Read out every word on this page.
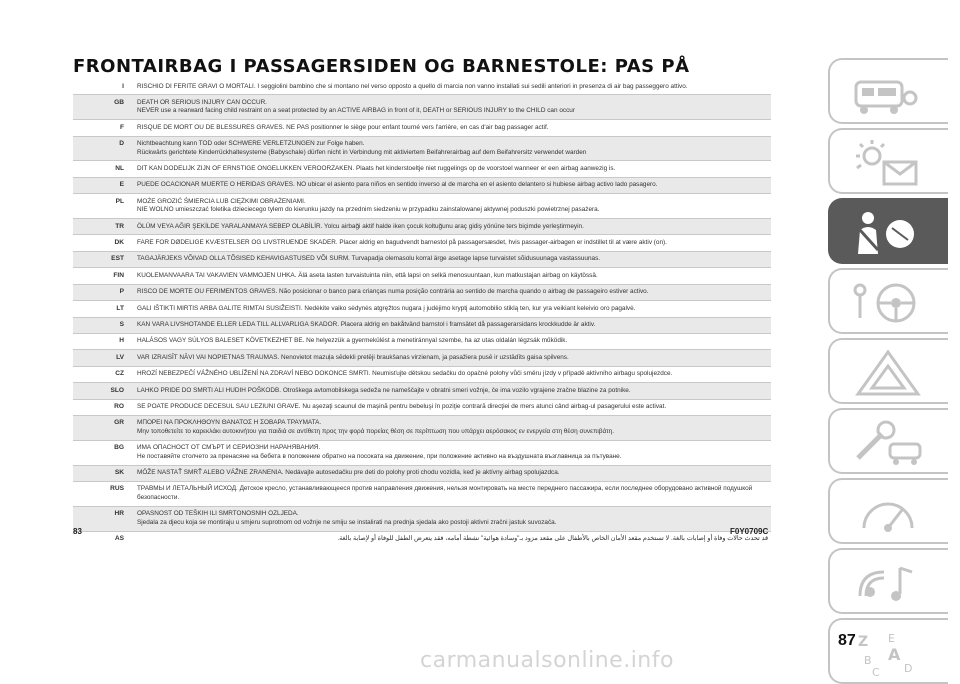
FRONTAIRBAG I PASSAGERSIDEN OG BARNESTOLE: PAS PÅ
I	RISCHIO DI FERITE GRAVI O MORTALI. I seggiolini bambino che si montano nel verso opposto a quello di marcia non vanno installati sui sedili anteriori in presenza di air bag passeggero attivo.
GB	DEATH OR SERIOUS INJURY CAN OCCUR.
NEVER use a rearward facing child restraint on a seat protected by an ACTIVE AIRBAG in front of it, DEATH or SERIOUS INJURY to the CHILD can occur
F	RISQUE DE MORT OU DE BLESSURES GRAVES. NE PAS positionner le siège pour enfant tourné vers l'arrière, en cas d'air bag passager actif.
D	Nichtbeachtung kann TOD oder SCHWERE VERLETZUNGEN zur Folge haben.
Rückwärts gerichtete Kinderrückhaltesysteme (Babyschale) dürfen nicht in Verbindung mit aktiviertem Beifahrerairbag auf dem Beifahrersitz verwendet warden
NL	DIT KAN DODELIJK ZIJN OF ERNSTIGE ONGELUKKEN VEROORZAKEN. Plaats het kinderstoeltje niet ruggelings op de voorstoel wanneer er een airbag aanwezig is.
E	PUEDE OCACIONAR MUERTE O HERIDAS GRAVES. NO ubicar el asiento para niños en sentido inverso al de marcha en el asiento delantero si hubiese airbag activo lado pasagero.
PL	MOŻE GROZIĆ ŚMIERCIA LUB CIĘŻKIMI OBRAŻENIAMI.
NIE WOLNO umieszczać foletika dzieciecego tylem do kierunku jazdy na przednim siedzeniu w przypadku zainstalowanej aktywnej poduszki powietrznej pasażera.
TR	ÖLÜM VEYA AĞIR ŞEKİLDE YARALANMAYA SEBEP OLABİLİR. Yolcu airbaği aktif halde iken çocuk koltuğunu araç gidiş yönüne ters biçimde yerleştirmeyin.
DK	FARE FOR DØDELIGE KVÆSTELSER OG LIVSTRUENDE SKADER. Placer aldrig en bagudvendt barnestol på passagersæsdet, hvis passager-airbagen er indstillet til at være aktiv (on).
EST	TAGAJÄRJEKS VÕIVAD OLLA TÕSISED KEHAVIGASTUSED VÕI SURM. Turvapadja olemasolu korral ärge asetage lapse turvaistet sõidusuunaga vastassuunas.
FIN	KUOLEMANVAARA TAI VAKAVIEN VAMMOJEN UHKA. Älä aseta lasten turvaistuinta niin, että lapsi on selkä menosuuntaan, kun matkustajan airbag on käytössä.
P	RISCO DE MORTE OU FERIMENTOS GRAVES. Não posicionar o banco para crianças numa posição contrária ao sentido de marcha quando o airbag de passageiro estiver activo.
LT	GALI IŠTIKTI MIRTIS ARBA GALITE RIMTAI SUSIŽEISTI. Nedėkite vaiko sėdynės atgręžtos nugara į judėjimo kryptį automobilio stiklą ten, kur yra veikiant keleivio oro pagalvė.
S	KAN VARA LIVSHOTANDE ELLER LEDA TILL ALLVARLIGA SKADOR. Placera aldrig en bakåtvänd barnstol i framsätet då passagerarsidans krockkudde är aktiv.
H	HALÁSOS VAGY SÚLYOS BALESET KÖVETKEZHET BE. Ne helyezzük a gyermekülést a menetiránnyal szembe, ha az utas oldalán légzsák működik.
LV	VAR IZRAISĪT NĀVI VAI NOPIETNAS TRAUMAS. Nenovietot mazuļa sēdekli pretēji braukšanas virzienam, ja pasažiera pusē ir uzstādīts gaisa spilvens.
CZ	HROZÍ NEBEZPEČÍ VÁŽNÉHO UBLÍŽENÍ NA ZDRAVÍ NEBO DOKONCE SMRTI. Neumisťujte dětskou sedačku do opačné polohy vůči směru jízdy v případě aktivního airbagu spolujezdce.
SLO	LAHKO PRIDE DO SMRTI ALI HUDIH POŠKODB. Otroškega avtomobilskega sedeža ne nameščajte v obratni smeri vožnje, če ima vozilo vgrajene zračne blazine za potnike.
RO	SE POATE PRODUCE DECESUL SAU LEZIUNI GRAVE. Nu aşezaţi scaunul de maşină pentru bebeluşi în poziţie contrară direcţiei de mers atunci când airbag-ul pasagerului este activat.
GR	ΜΠΟΡΕΙ ΝΑ ΠΡΟΚΛΗΘΟΥΝ ΘΑΝΑΤΟΣ Η ΣΟΒΑΡΑ ΤΡΑΥΜΑΤΑ.
Μην τοποθετείτε το καρεκλάκι αυτοκινήτου για παιδιά σε αντίθετη προς την φορά πορείας θέση σε περίπτωση που υπάρχει αερόσακος εν ενεργεία στη θέση συνεπιβάτη.
BG	ИМА ОПАСНОСТ ОТ СМЪРТ И СЕРИОЗНИ НАРАНЯВАНИЯ.
Не поставяйте столчето за пренасяне на бебета в положение обратно на посоката на движение, при положение активно на въздушната възглавница за пътуване.
SK	MÔŽE NASTAŤ SMRŤ ALEBO VÁŽNE ZRANENIA. Nedávajte autosedačku pre deti do polohy proti chodu vozidla, keď je aktívny airbag spolujazdca.
RUS	ТРАВМЫ И ЛЕТАЛЬНЫЙ ИСХОД. Детское кресло, устанавливающееся против направления движения, нельзя монтировать на месте переднего пассажира, если последнее оборудовано активной подушкой безопасности.
HR	OPASNOST OD TEŠKIH ILI SMRTONOSNIH OZLJEDA.
Sjedala za djecu koja se montiraju u smjeru suprotnom od vožnje ne smiju se instalirati na prednja sjedala ako postoji aktivni zračni jastuk suvozača.
AS	قد تحدث حالات وفاة أو إصابات بالغة. لا تستخدم مقعد الأمان الخاص بالأطفال على مقعد مزود بـ"وسادة هوائية" نشطة أمامه، فقد يتعرض الطفل للوفاة أو لإصابة بالغة.
83	F0Y0709C
Z E
B A
C D
87
carmanualsonline.info
